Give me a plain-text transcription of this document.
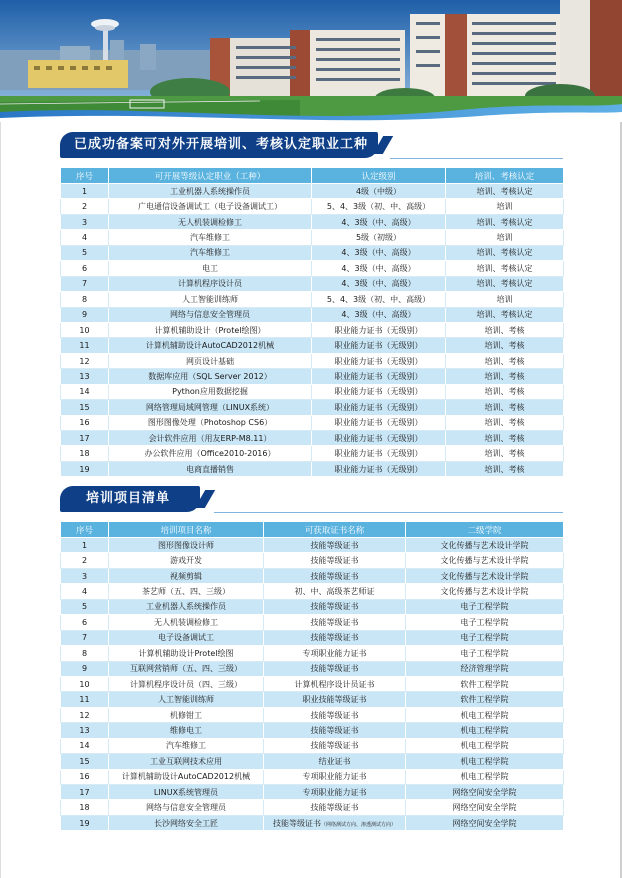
已成功备案可对外开展培训、考核认定职业工种
序号	可开展等级认定职业（工种）	认定级别	培训、考核认定
1	工业机器人系统操作员	4级（中级）	培训、考核认定
2	广电通信设备调试工（电子设备调试工）	5、4、3级（初、中、高级）	培训
3	无人机装调检修工	4、3级（中、高级）	培训、考核认定
4	汽车维修工	5级（初级）	培训
5	汽车维修工	4、3级（中、高级）	培训、考核认定
6	电工	4、3级（中、高级）	培训、考核认定
7	计算机程序设计员	4、3级（中、高级）	培训、考核认定
8	人工智能训练师	5、4、3级（初、中、高级）	培训
9	网络与信息安全管理员	4、3级（中、高级）	培训、考核认定
10	计算机辅助设计（Protel绘图）	职业能力证书（无级别）	培训、考核
11	计算机辅助设计AutoCAD2012机械	职业能力证书（无级别）	培训、考核
12	网页设计基础	职业能力证书（无级别）	培训、考核
13	数据库应用（SQL Server 2012）	职业能力证书（无级别）	培训、考核
14	Python应用数据挖掘	职业能力证书（无级别）	培训、考核
15	网络管理局域网管理（LINUX系统）	职业能力证书（无级别）	培训、考核
16	图形图像处理（Photoshop CS6）	职业能力证书（无级别）	培训、考核
17	会计软件应用（用友ERP-M8.11）	职业能力证书（无级别）	培训、考核
18	办公软件应用（Office2010-2016）	职业能力证书（无级别）	培训、考核
19	电商直播销售	职业能力证书（无级别）	培训、考核
培训项目清单
序号	培训项目名称	可获取证书名称	二级学院
1	图形图像设计师	技能等级证书	文化传播与艺术设计学院
2	游戏开发	技能等级证书	文化传播与艺术设计学院
3	视频剪辑	技能等级证书	文化传播与艺术设计学院
4	茶艺师（五、四、三级）	初、中、高级茶艺师证	文化传播与艺术设计学院
5	工业机器人系统操作员	技能等级证书	电子工程学院
6	无人机装调检修工	技能等级证书	电子工程学院
7	电子设备调试工	技能等级证书	电子工程学院
8	计算机辅助设计Protel绘图	专项职业能力证书	电子工程学院
9	互联网营销师（五、四、三级）	技能等级证书	经济管理学院
10	计算机程序设计员（四、三级）	计算机程序设计员证书	软件工程学院
11	人工智能训练师	职业技能等级证书	软件工程学院
12	机修钳工	技能等级证书	机电工程学院
13	维修电工	技能等级证书	机电工程学院
14	汽车维修工	技能等级证书	机电工程学院
15	工业互联网技术应用	结业证书	机电工程学院
16	计算机辅助设计AutoCAD2012机械	专项职业能力证书	机电工程学院
17	LINUX系统管理员	专项职业能力证书	网络空间安全学院
18	网络与信息安全管理员	技能等级证书	网络空间安全学院
19	长沙网络安全工匠	技能等级证书（网络测试方向、渗透测试方向）	网络空间安全学院
